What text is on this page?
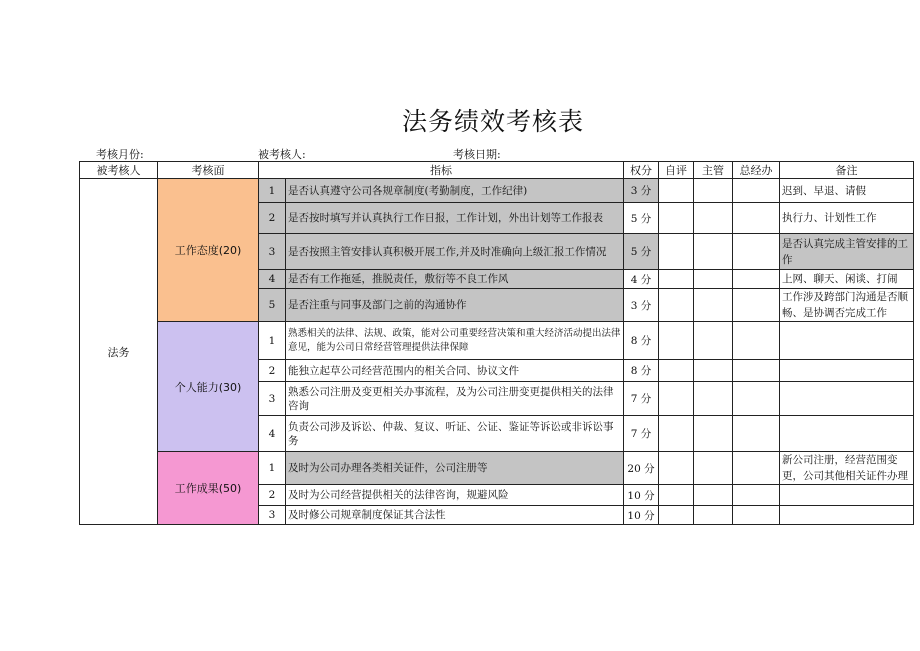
法务绩效考核表
考核月份:	被考核人:	考核日期:
被考核人	考核面	指标		权分	自评	主管	总经办	备注
法务	工作态度(20)	1	是否认真遵守公司各规章制度(考勤制度，工作纪律)	3 分				迟到、早退、请假
		2	是否按时填写并认真执行工作日报，工作计划，外出计划等工作报表	5 分				执行力、计划性工作
		3	是否按照主管安排认真积极开展工作,并及时准确向上级汇报工作情况	5 分				是否认真完成主管安排的工作
		4	是否有工作拖延，推脱责任，敷衍等不良工作风	4 分				上网、聊天、闲谈、打闹
		5	是否注重与同事及部门之前的沟通协作	3 分				工作涉及跨部门沟通是否顺畅、是协调否完成工作
	个人能力(30)	1	熟悉相关的法律、法规、政策，能对公司重要经营决策和重大经济活动提出法律意见，能为公司日常经营管理提供法律保障	8 分				
		2	能独立起草公司经营范围内的相关合同、协议文件	8 分				
		3	熟悉公司注册及变更相关办事流程，及为公司注册变更提供相关的法律咨询	7 分				
		4	负责公司涉及诉讼、仲裁、复议、听证、公证、鉴证等诉讼或非诉讼事务	7 分				
	工作成果(50)	1	及时为公司办理各类相关证件，公司注册等	20 分				新公司注册，经营范围变更，公司其他相关证件办理
		2	及时为公司经营提供相关的法律咨询，规避风险	10 分				
		3	及时修公司规章制度保证其合法性	10 分				
